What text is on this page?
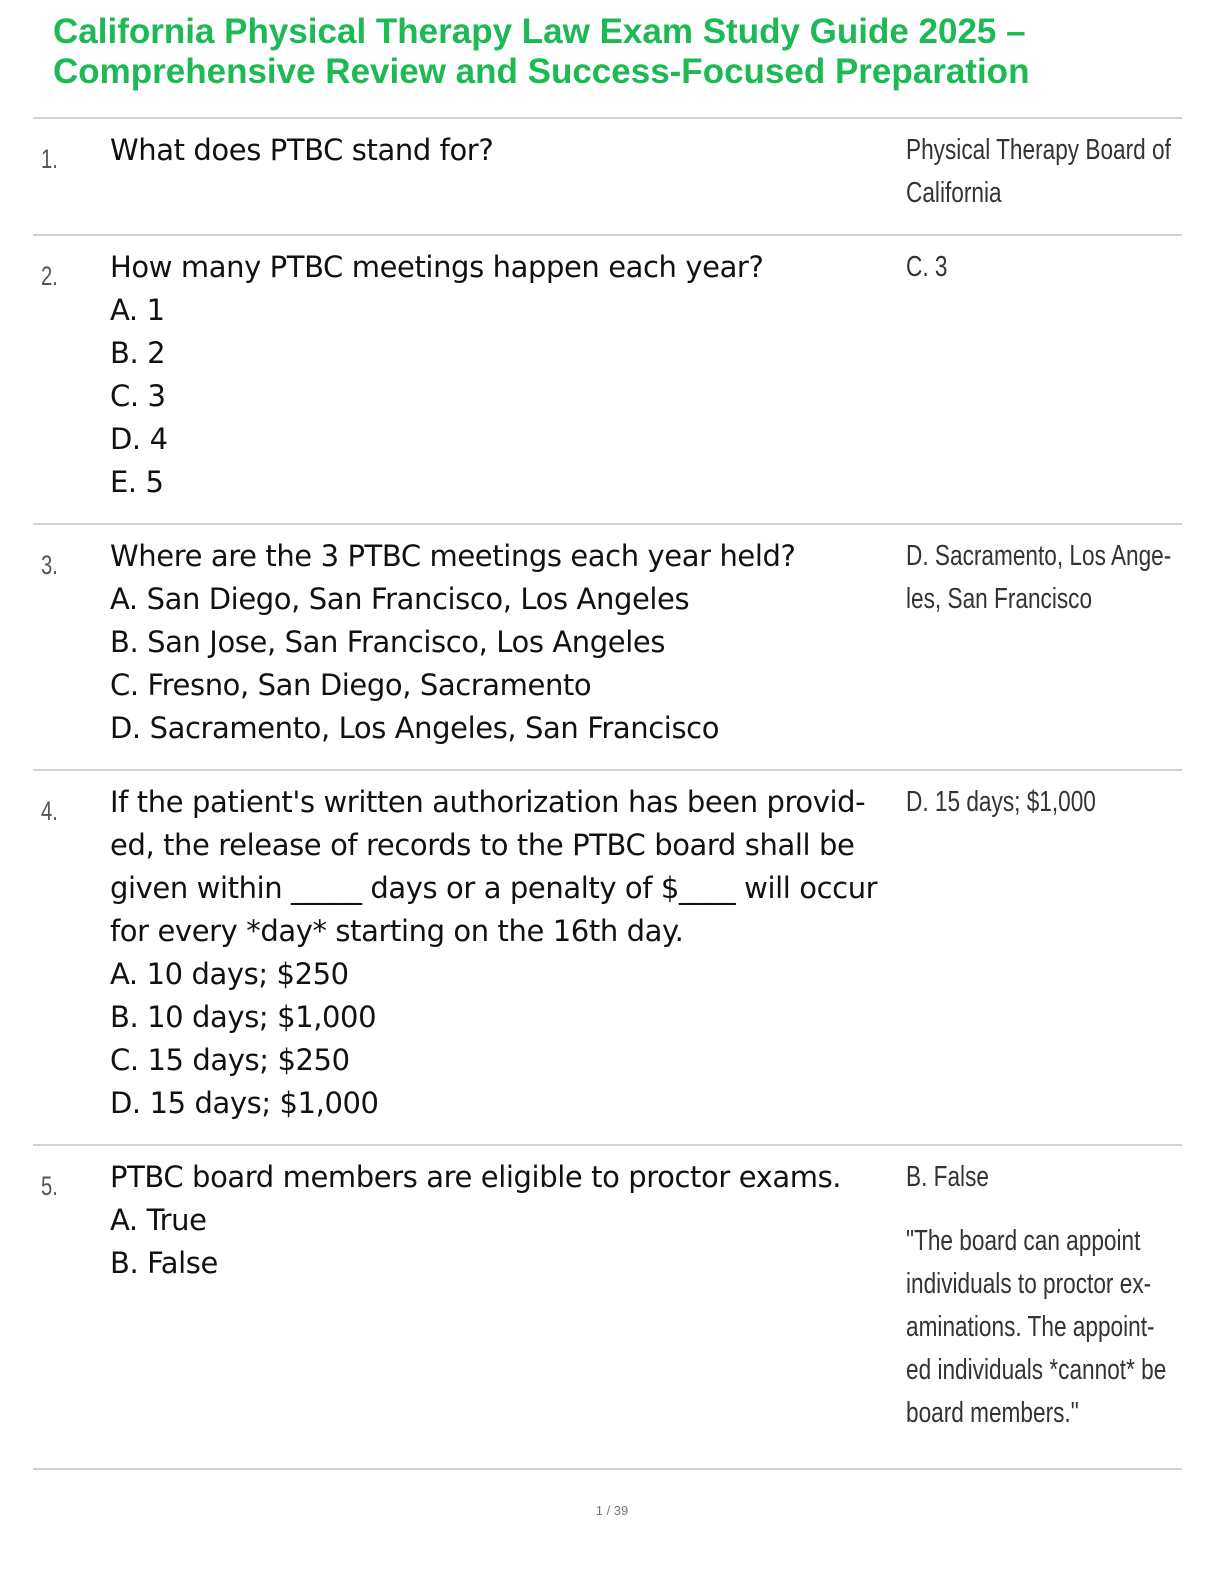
California Physical Therapy Law Exam Study Guide 2025 –
Comprehensive Review and Success-Focused Preparation
1. What does PTBC stand for?	Physical Therapy Board of
California
2. How many PTBC meetings happen each year?
A. 1
B. 2
C. 3
D. 4
E. 5
C. 3
3. Where are the 3 PTBC meetings each year held?
A. San Diego, San Francisco, Los Angeles
B. San Jose, San Francisco, Los Angeles
C. Fresno, San Diego, Sacramento
D. Sacramento, Los Angeles, San Francisco
D. Sacramento, Los Ange-
les, San Francisco
4. If the patient's written authorization has been provid-
ed, the release of records to the PTBC board shall be
given within _____ days or a penalty of $____ will occur
for every *day* starting on the 16th day.
A. 10 days; $250
B. 10 days; $1,000
C. 15 days; $250
D. 15 days; $1,000
D. 15 days; $1,000
5. PTBC board members are eligible to proctor exams.
A. True
B. False
B. False
"The board can appoint
individuals to proctor ex-
aminations. The appoint-
ed individuals *cannot* be
board members."
1 / 39
